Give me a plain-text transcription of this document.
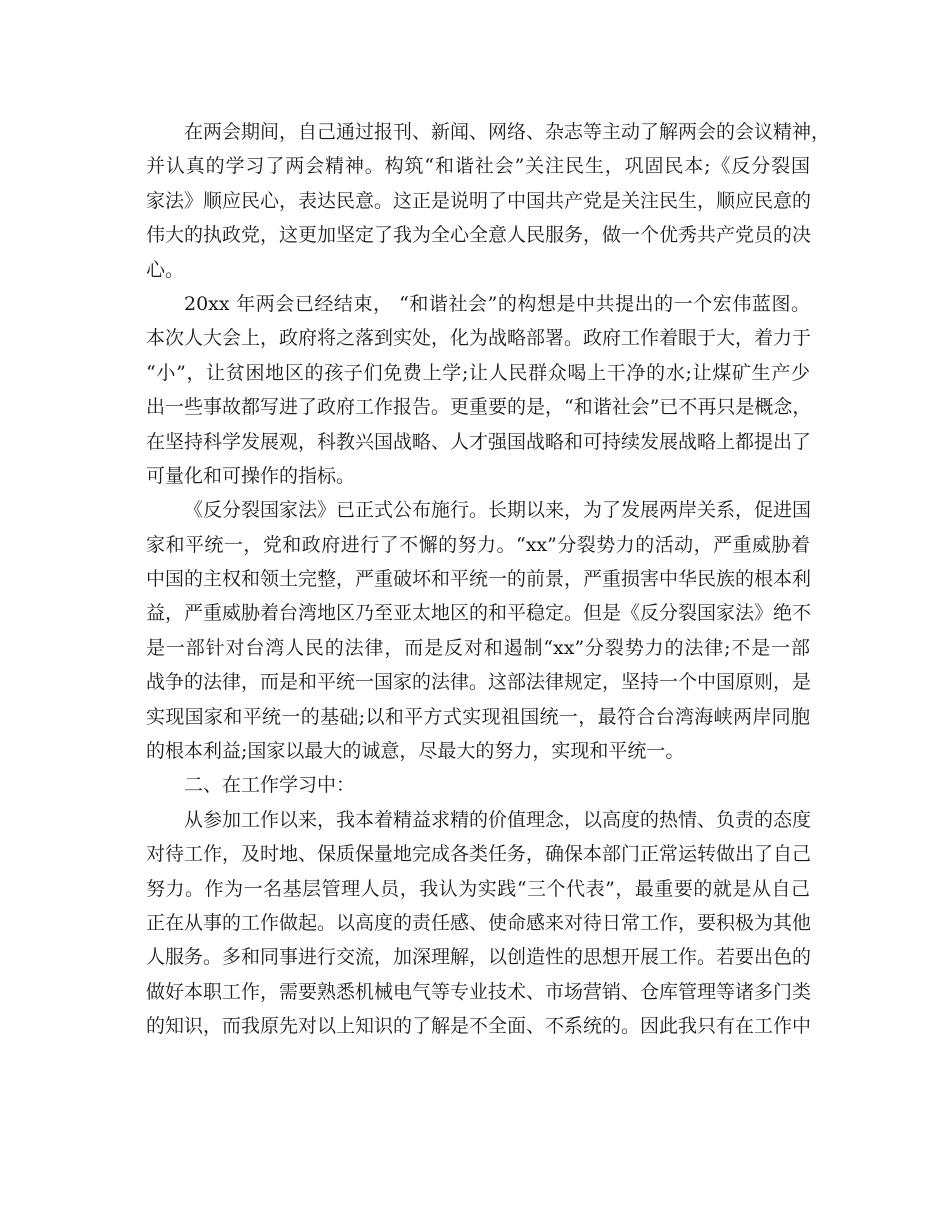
在两会期间，自己通过报刊、新闻、网络、杂志等主动了解两会的会议精神，
并认真的学习了两会精神。构筑“和谐社会”关注民生，巩固民本;《反分裂国
家法》顺应民心，表达民意。这正是说明了中国共产党是关注民生，顺应民意的
伟大的执政党，这更加坚定了我为全心全意人民服务，做一个优秀共产党员的决
心。
20xx 年两会已经结束， “和谐社会”的构想是中共提出的一个宏伟蓝图。
本次人大会上，政府将之落到实处，化为战略部署。政府工作着眼于大，着力于
“小”，让贫困地区的孩子们免费上学;让人民群众喝上干净的水;让煤矿生产少
出一些事故都写进了政府工作报告。更重要的是，“和谐社会”已不再只是概念，
在坚持科学发展观，科教兴国战略、人才强国战略和可持续发展战略上都提出了
可量化和可操作的指标。
《反分裂国家法》已正式公布施行。长期以来，为了发展两岸关系，促进国
家和平统一，党和政府进行了不懈的努力。“xx”分裂势力的活动，严重威胁着
中国的主权和领土完整，严重破坏和平统一的前景，严重损害中华民族的根本利
益，严重威胁着台湾地区乃至亚太地区的和平稳定。但是《反分裂国家法》绝不
是一部针对台湾人民的法律，而是反对和遏制“xx”分裂势力的法律;不是一部
战争的法律，而是和平统一国家的法律。这部法律规定，坚持一个中国原则，是
实现国家和平统一的基础;以和平方式实现祖国统一，最符合台湾海峡两岸同胞
的根本利益;国家以最大的诚意，尽最大的努力，实现和平统一。
二、在工作学习中：
从参加工作以来，我本着精益求精的价值理念，以高度的热情、负责的态度
对待工作，及时地、保质保量地完成各类任务，确保本部门正常运转做出了自己
努力。作为一名基层管理人员，我认为实践“三个代表”，最重要的就是从自己
正在从事的工作做起。以高度的责任感、使命感来对待日常工作，要积极为其他
人服务。多和同事进行交流，加深理解，以创造性的思想开展工作。若要出色的
做好本职工作，需要熟悉机械电气等专业技术、市场营销、仓库管理等诸多门类
的知识，而我原先对以上知识的了解是不全面、不系统的。因此我只有在工作中
